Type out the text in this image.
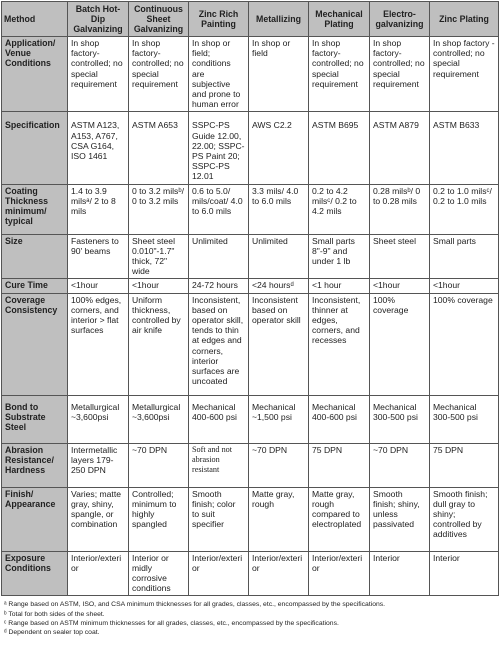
Method	Batch Hot-Dip Galvanizing	Continuous Sheet Galvanizing	Zinc Rich Painting	Metallizing	Mechanical Plating	Electro-galvanizing	Zinc Plating
Application/ Venue Conditions	In shop factory-controlled; no special requirement	In shop factory-controlled; no special requirement	In shop or field; conditions are subjective and prone to human error	In shop or field	In shop factory-controlled; no special requirement	In shop factory-controlled; no special requirement	In shop factory -controlled; no special requirement
Specification	ASTM A123, A153, A767, CSA G164, ISO 1461	ASTM A653	SSPC-PS Guide 12.00, 22.00; SSPC-PS Paint 20; SSPC-PS 12.01	AWS C2.2	ASTM B695	ASTM A879	ASTM B633
Coating Thickness minimum/ typical	1.4 to 3.9 milsᵃ/ 2 to 8 mils	0 to 3.2 milsᵇ/ 0 to 3.2 mils	0.6 to 5.0/ mils/coat/ 4.0 to 6.0 mils	3.3 mils/ 4.0 to 6.0 mils	0.2 to 4.2 milsᶜ/ 0.2 to 4.2 mils	0.28 milsᵇ/ 0 to 0.28 mils	0.2 to 1.0 milsᶜ/ 0.2 to 1.0 mils
Size	Fasteners to 90' beams	Sheet steel 0.010"-1.7" thick, 72" wide	Unlimited	Unlimited	Small parts 8"-9" and under 1 lb	Sheet steel	Small parts
Cure Time	<1hour	<1hour	24-72 hours	<24 hoursᵈ	<1 hour	<1hour	<1hour
Coverage Consistency	100% edges, corners, and interior > flat surfaces	Uniform thickness, controlled by air knife	Inconsistent, based on operator skill, tends to thin at edges and corners, interior surfaces are uncoated	Inconsistent based on operator skill	Inconsistent, thinner at edges, corners, and recesses	100% coverage	100% coverage
Bond to Substrate Steel	Metallurgical ~3,600psi	Metallurgical ~3,600psi	Mechanical 400-600 psi	Mechanical ~1,500 psi	Mechanical 400-600 psi	Mechanical 300-500 psi	Mechanical 300-500 psi
Abrasion Resistance/ Hardness	Intermetallic layers 179-250 DPN	~70 DPN	Soft and not abrasion resistant	~70 DPN	75 DPN	~70 DPN	75 DPN
Finish/ Appearance	Varies; matte gray, shiny, spangle, or combination	Controlled; minimum to highly spangled	Smooth finish; color to suit specifier	Matte gray, rough	Matte gray, rough compared to electroplated	Smooth finish; shiny, unless passivated	Smooth finish; dull gray to shiny; controlled by additives
Exposure Conditions	Interior/exterior	Interior or midly corrosive conditions	Interior/exterior	Interior/exterior	Interior/exterior	Interior	Interior
ᵃ Range based on ASTM, ISO, and CSA minimum thicknesses for all grades, classes, etc., encompassed by the specifications.
ᵇ Total for both sides of the sheet.
ᶜ Range based on ASTM minimum thicknesses for all grades, classes, etc., encompassed by the specifications.
ᵈ Dependent on sealer top coat.
